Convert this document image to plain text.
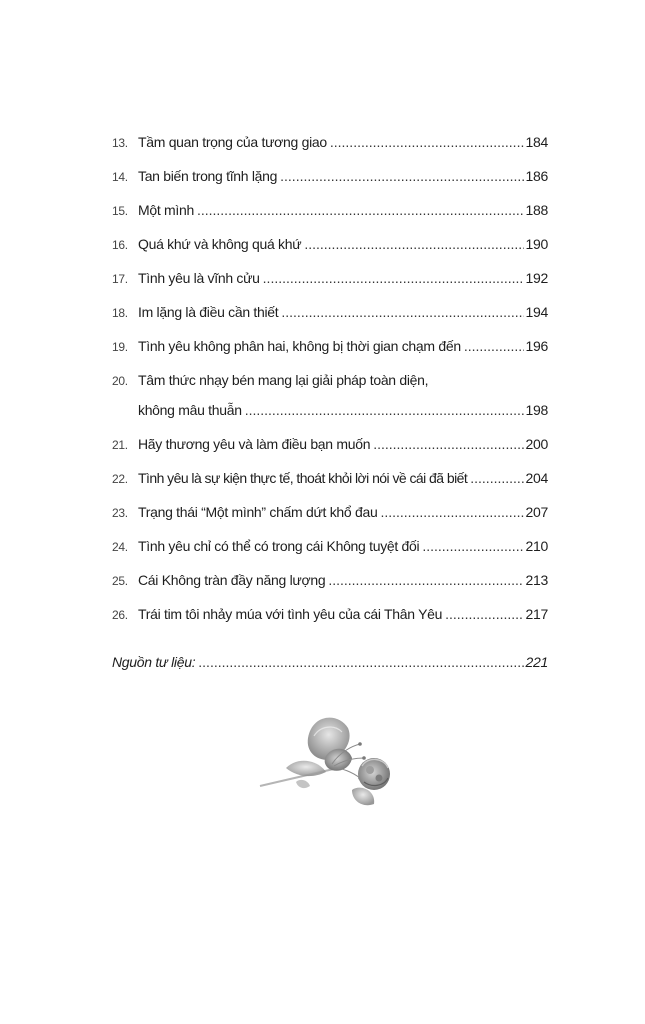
13. Tầm quan trọng của tương giao .....	184
14. Tan biến trong tĩnh lặng .....	186
15. Một mình .....	188
16. Quá khứ và không quá khứ .....	190
17. Tình yêu là vĩnh cửu .....	192
18. Im lặng là điều cần thiết .....	194
19. Tình yêu không phân hai, không bị thời gian chạm đến .....	196
20. Tâm thức nhạy bén mang lại giải pháp toàn diện,
không mâu thuẫn .....	198
21. Hãy thương yêu và làm điều bạn muốn .....	200
22. Tình yêu là sự kiện thực tế, thoát khỏi lời nói về cái đã biết .....	204
23. Trạng thái “Một mình” chấm dứt khổ đau .....	207
24. Tình yêu chỉ có thể có trong cái Không tuyệt đối .....	210
25. Cái Không tràn đầy năng lượng .....	213
26. Trái tim tôi nhảy múa với tình yêu của cái Thân Yêu .....	217
Nguồn tư liệu: .....	221
